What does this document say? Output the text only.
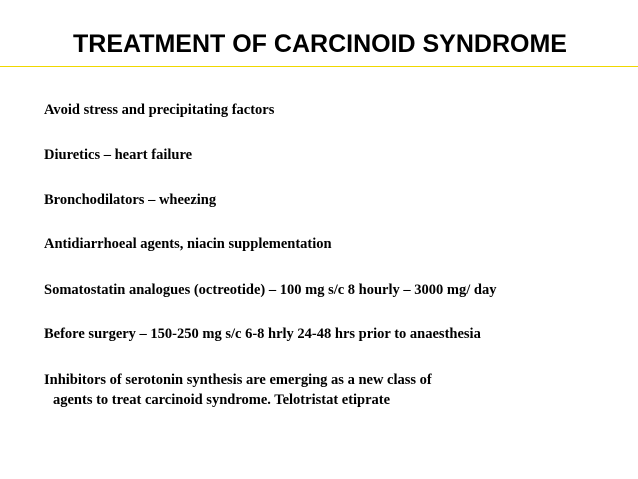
TREATMENT OF CARCINOID SYNDROME
Avoid stress and precipitating factors
Diuretics – heart failure
Bronchodilators – wheezing
Antidiarrhoeal agents, niacin supplementation
Somatostatin analogues (octreotide) – 100 mg s/c 8 hourly – 3000 mg/ day
Before surgery – 150-250 mg s/c 6-8 hrly 24-48 hrs prior to anaesthesia
Inhibitors of serotonin synthesis are emerging as a new class of
agents to treat carcinoid syndrome. Telotristat etiprate
